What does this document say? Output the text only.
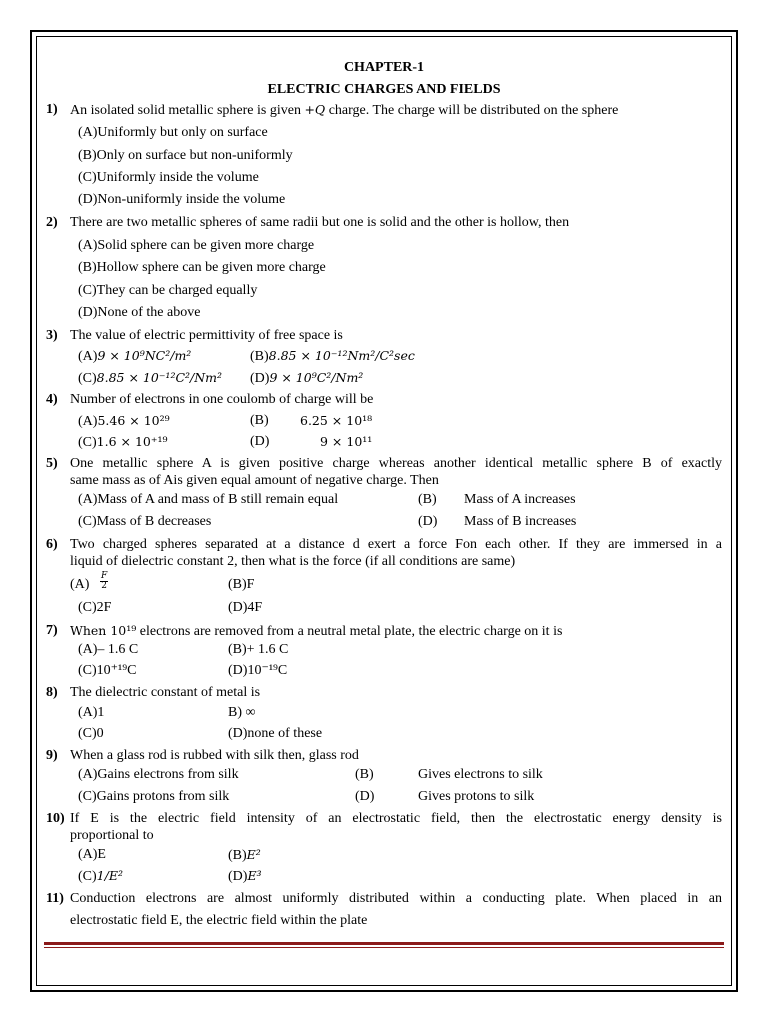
CHAPTER-1
ELECTRIC CHARGES AND FIELDS
1) An isolated solid metallic sphere is given +Q charge. The charge will be distributed on the sphere
(A)Uniformly but only on surface
(B)Only on surface but non-uniformly
(C)Uniformly inside the volume
(D)Non-uniformly inside the volume
2) There are two metallic spheres of same radii but one is solid and the other is hollow, then
(A)Solid sphere can be given more charge
(B)Hollow sphere can be given more charge
(C)They can be charged equally
(D)None of the above
3) The value of electric permittivity of free space is
(A)9 × 10⁹NC²/m²	(B)8.85 × 10⁻¹²Nm²/C²sec
(C)8.85 × 10⁻¹²C²/Nm² (D)9 × 10⁹C²/Nm²
4) Number of electrons in one coulomb of charge will be
(A)5.46 × 10²⁹	(B)	6.25 × 10¹⁸
(C)1.6 × 10⁺¹⁹	(D)	9 × 10¹¹
5) One metallic sphere A is given positive charge whereas another identical metallic sphere B of exactly
same mass as of Ais given equal amount of negative charge. Then
(A)Mass of A and mass of B still remain equal	(B) Mass of A increases
(C)Mass of B decreases	(D) Mass of B increases
6) Two charged spheres separated at a distance d exert a force Fon each other. If they are immersed in a
liquid of dielectric constant 2, then what is the force (if all conditions are same)
$(A) \frac{F}{2}$	(B)F
(C)2F	(D)4F
7) When 10¹⁹ electrons are removed from a neutral metal plate, the electric charge on it is
(A)– 1.6 C	(B)+ 1.6 C
(C)10⁺¹⁹C	(D)10⁻¹⁹C
8) The dielectric constant of metal is
(A)1	B) ∞
(C)0	(D)none of these
9) When a glass rod is rubbed with silk then, glass rod
(A)Gains electrons from silk	(B)	Gives electrons to silk
(C)Gains protons from silk	(D)	Gives protons to silk
10) If E is the electric field intensity of an electrostatic field, then the electrostatic energy density is
proportional to
(A)E	(B)E²
(C)1/E²	(D)E³
11) Conduction electrons are almost uniformly distributed within a conducting plate. When placed in an
electrostatic field E, the electric field within the plate
